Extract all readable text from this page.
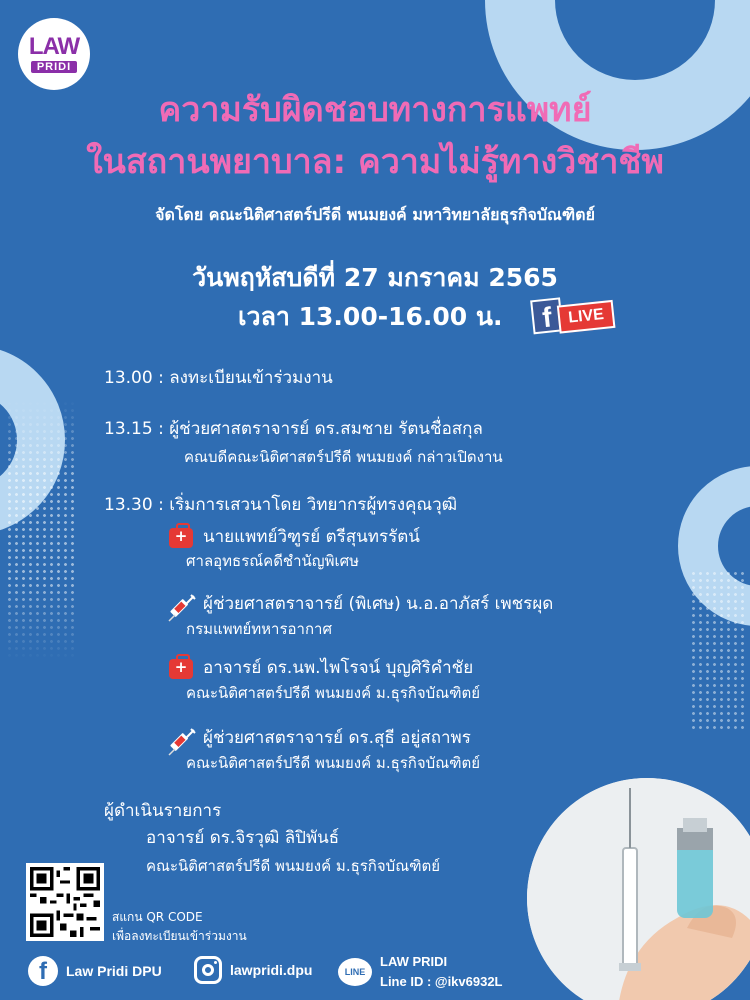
LAW
PRIDI
ความรับผิดชอบทางการแพทย์
ในสถานพยาบาล: ความไม่รู้ทางวิชาชีพ
จัดโดย คณะนิติศาสตร์ปรีดี พนมยงค์ มหาวิทยาลัยธุรกิจบัณฑิตย์
วันพฤหัสบดีที่ 27 มกราคม 2565
เวลา 13.00-16.00 น.	f LIVE
13.00 : ลงทะเบียนเข้าร่วมงาน
13.15 : ผู้ช่วยศาสตราจารย์ ดร.สมชาย รัตนชื่อสกุล
คณบดีคณะนิติศาสตร์ปรีดี พนมยงค์ กล่าวเปิดงาน
13.30 : เริ่มการเสวนาโดย วิทยากรผู้ทรงคุณวุฒิ
+
นายแพทย์วิฑูรย์ ตรีสุนทรรัตน์
ศาลอุทธรณ์คดีชำนัญพิเศษ
ผู้ช่วยศาสตราจารย์ (พิเศษ) น.อ.อาภัสร์ เพชรผุด
กรมแพทย์ทหารอากาศ
+
อาจารย์ ดร.นพ.ไพโรจน์ บุญศิริคำชัย
คณะนิติศาสตร์ปรีดี พนมยงค์ ม.ธุรกิจบัณฑิตย์
ผู้ช่วยศาสตราจารย์ ดร.สุธี อยู่สถาพร
คณะนิติศาสตร์ปรีดี พนมยงค์ ม.ธุรกิจบัณฑิตย์
ผู้ดำเนินรายการ
อาจารย์ ดร.จิรวุฒิ ลิปิพันธ์
คณะนิติศาสตร์ปรีดี พนมยงค์ ม.ธุรกิจบัณฑิตย์
สแกน QR CODE
เพื่อลงทะเบียนเข้าร่วมงาน
f	Law Pridi DPU	lawpridi.dpu	LINE
LAW PRIDI
Line ID : @ikv6932L
